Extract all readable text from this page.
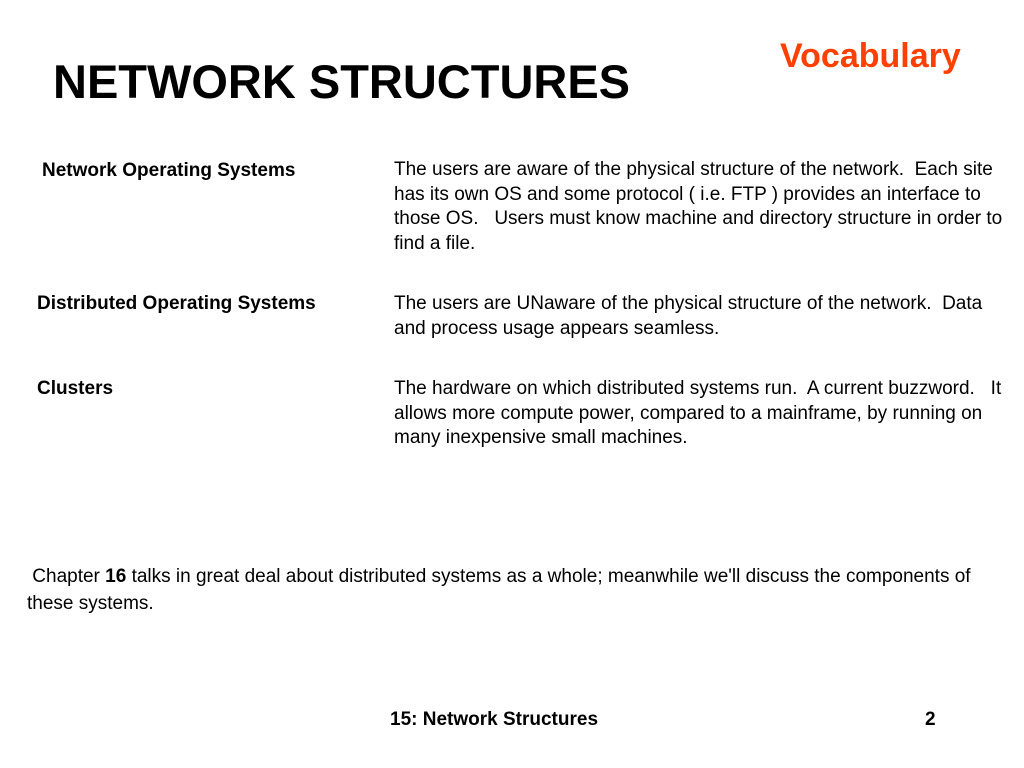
NETWORK STRUCTURES	Vocabulary
Network Operating Systems	The users are aware of the physical structure of the network.  Each site has its own OS and some protocol ( i.e. FTP ) provides an interface to those OS.   Users must know machine and directory structure in order to find a file.
Distributed Operating Systems	The users are UNaware of the physical structure of the network.  Data and process usage appears seamless.
Clusters	The hardware on which distributed systems run.  A current buzzword.   It allows more compute power, compared to a mainframe, by running on many inexpensive small machines.
Chapter 16 talks in great deal about distributed systems as a whole; meanwhile we'll discuss the components of these systems.
15: Network Structures	2
